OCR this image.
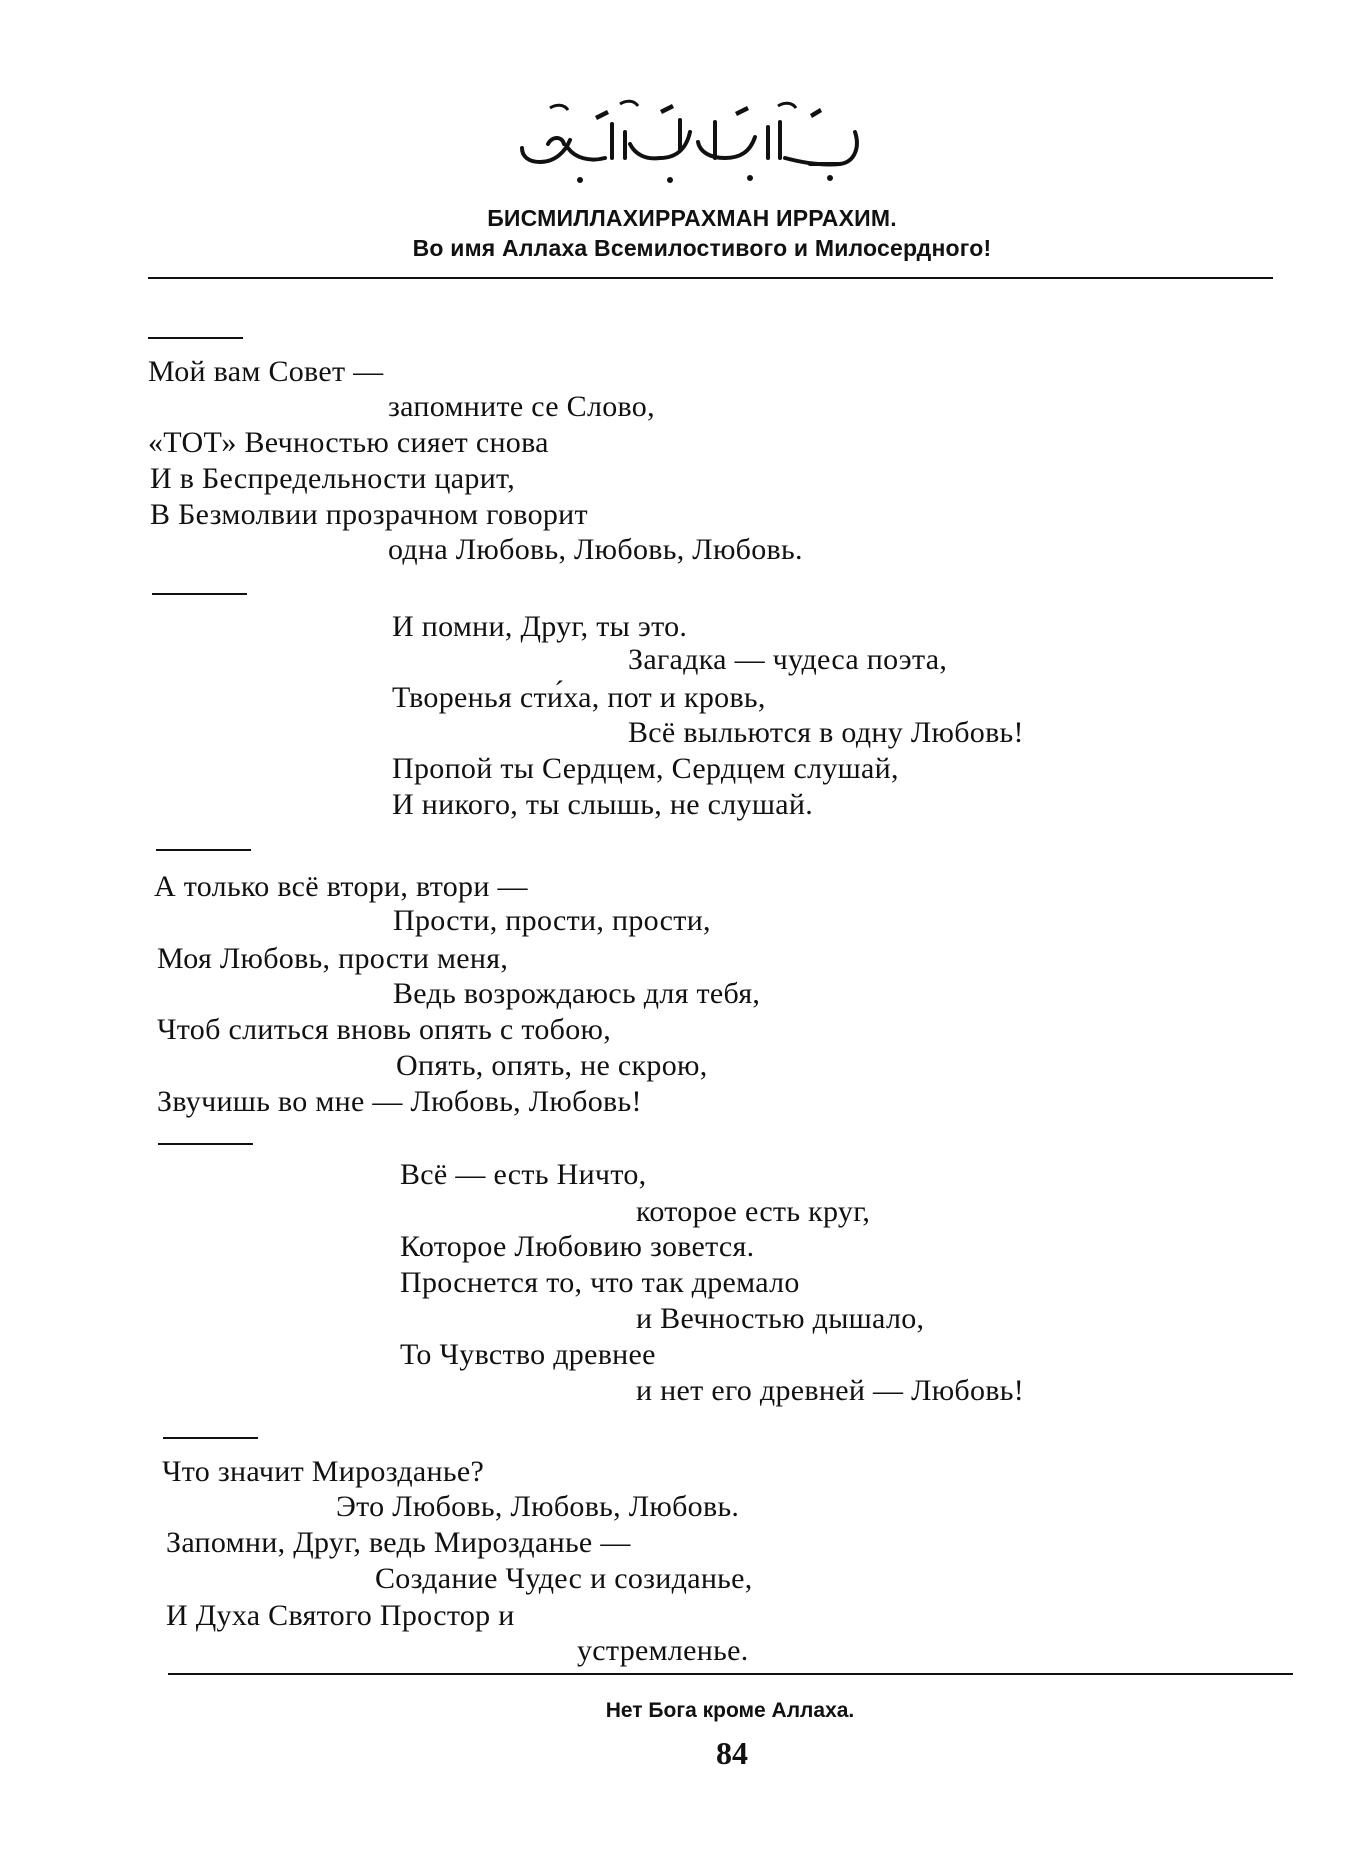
БИСМИЛЛАХИРРАХМАН ИРРАХИМ.
Во имя Аллаха Всемилостивого и Милосердного!
Мой вам Совет —
запомните се Слово,
«ТОТ» Вечностью сияет снова
И в Беспредельности царит,
В Безмолвии прозрачном говорит
одна Любовь, Любовь, Любовь.
И помни, Друг, ты это.
Загадка — чудеса поэта,
Творенья сти́ха, пот и кровь,
Всё выльются в одну Любовь!
Пропой ты Сердцем, Сердцем слушай,
И никого, ты слышь, не слушай.
А только всё втори, втори —
Прости, прости, прости,
Моя Любовь, прости меня,
Ведь возрождаюсь для тебя,
Чтоб слиться вновь опять с тобою,
Опять, опять, не скрою,
Звучишь во мне — Любовь, Любовь!
Всё — есть Ничто,
которое есть круг,
Которое Любовию зовется.
Проснется то, что так дремало
и Вечностью дышало,
То Чувство древнее
и нет его древней — Любовь!
Что значит Мирозданье?
Это Любовь, Любовь, Любовь.
Запомни, Друг, ведь Мирозданье —
Создание Чудес и созиданье,
И Духа Святого Простор и
устремленье.
Нет Бога кроме Аллаха.
84
